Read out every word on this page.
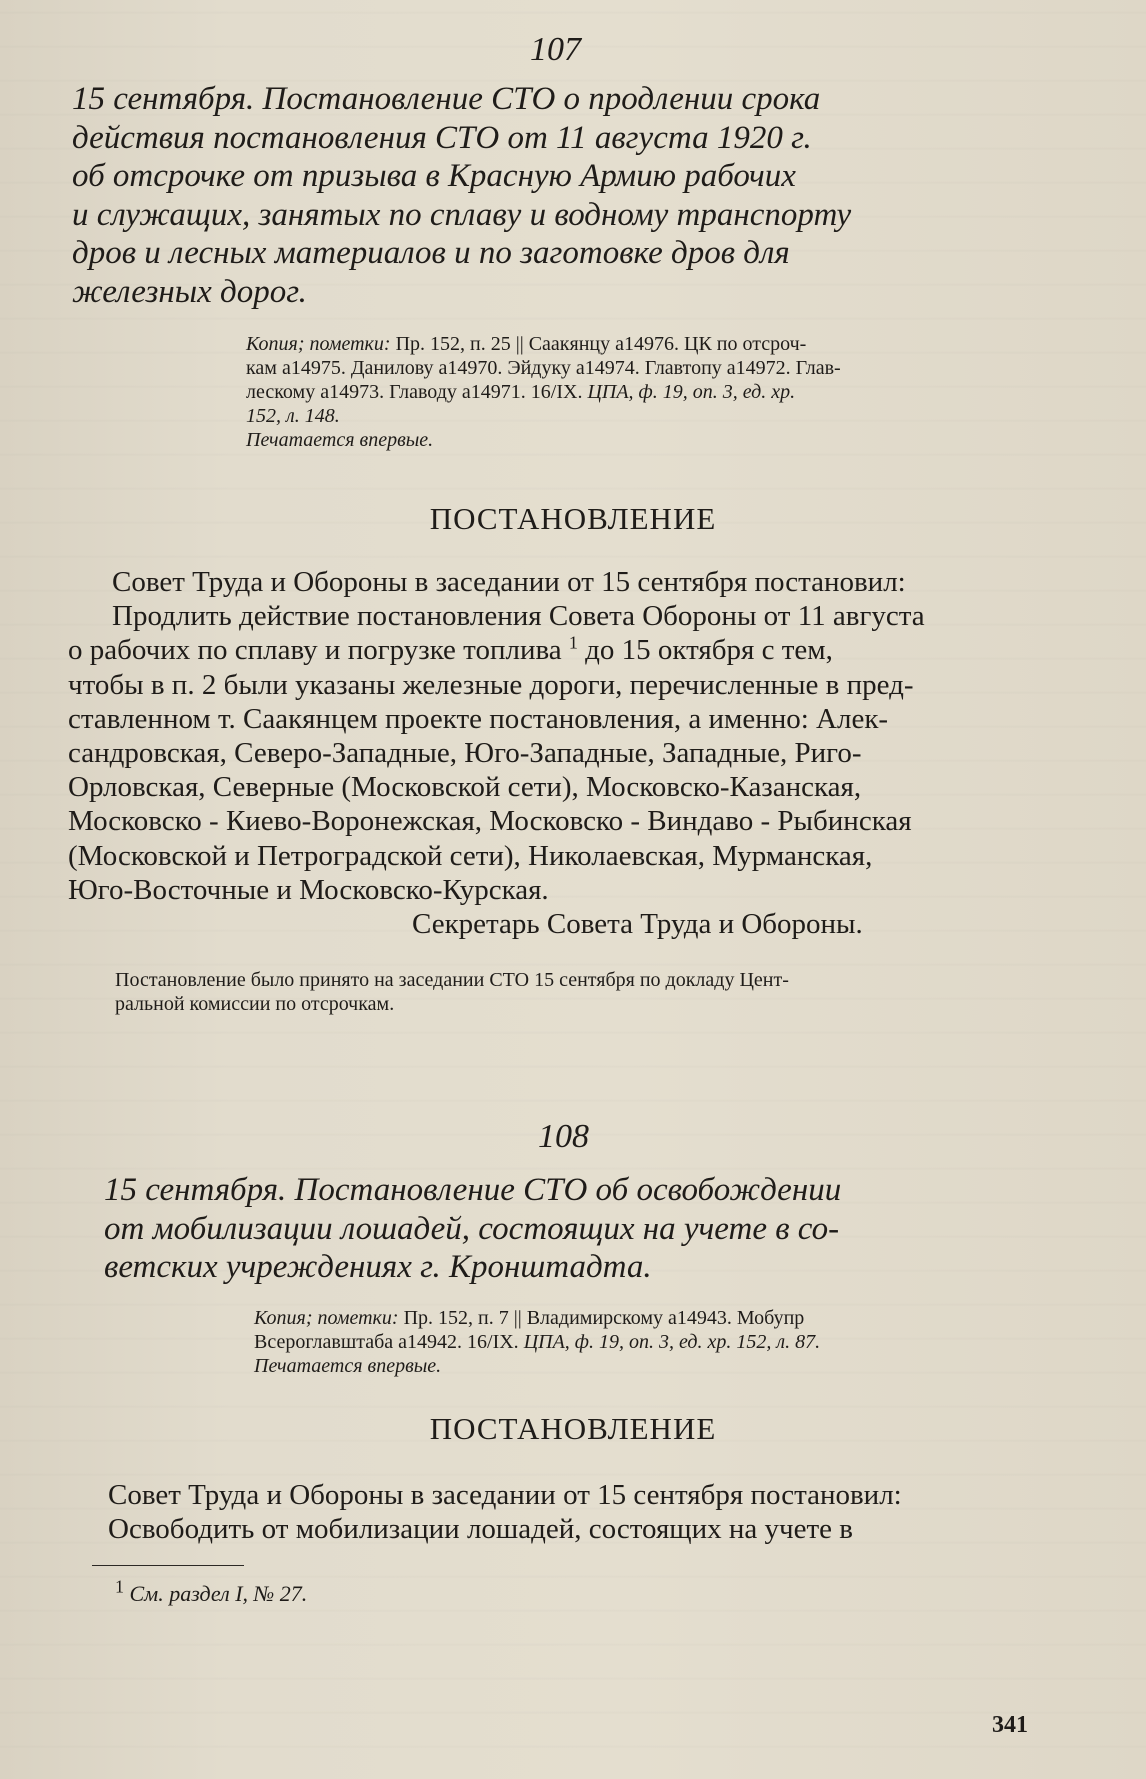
107
15 сентября. Постановление СТО о продлении срока
действия постановления СТО от 11 августа 1920 г.
об отсрочке от призыва в Красную Армию рабочих
и служащих, занятых по сплаву и водному транспорту
дров и лесных материалов и по заготовке дров для
железных дорог.
Копия; пометки: Пр. 152, п. 25 || Саакянцу а14976. ЦК по отсроч-
кам а14975. Данилову а14970. Эйдуку а14974. Главтопу а14972. Глав-
лескому а14973. Главоду а14971. 16/IX. ЦПА, ф. 19, оп. 3, ед. хр.
152, л. 148.
Печатается впервые.
ПОСТАНОВЛЕНИЕ
Совет Труда и Обороны в заседании от 15 сентября постановил:
Продлить действие постановления Совета Обороны от 11 августа
о рабочих по сплаву и погрузке топлива $^1$ до 15 октября с тем,
чтобы в п. 2 были указаны железные дороги, перечисленные в пред-
ставленном т. Саакянцем проекте постановления, а именно: Алек-
сандровская, Северо-Западные, Юго-Западные, Западные, Риго-
Орловская, Северные (Московской сети), Московско-Казанская,
Московско - Киево-Воронежская, Московско - Виндаво - Рыбинская
(Московской и Петроградской сети), Николаевская, Мурманская,
Юго-Восточные и Московско-Курская.
Секретарь Совета Труда и Обороны.
Постановление было принято на заседании СТО 15 сентября по докладу Цент-
ральной комиссии по отсрочкам.
108
15 сентября. Постановление СТО об освобождении
от мобилизации лошадей, состоящих на учете в со-
ветских учреждениях г. Кронштадта.
Копия; пометки: Пр. 152, п. 7 || Владимирскому а14943. Мобупр
Всероглавштаба а14942. 16/IX. ЦПА, ф. 19, оп. 3, ед. хр. 152, л. 87.
Печатается впервые.
ПОСТАНОВЛЕНИЕ
Совет Труда и Обороны в заседании от 15 сентября постановил:
Освободить от мобилизации лошадей, состоящих на учете в
$^1$ См. раздел I, № 27.
341
